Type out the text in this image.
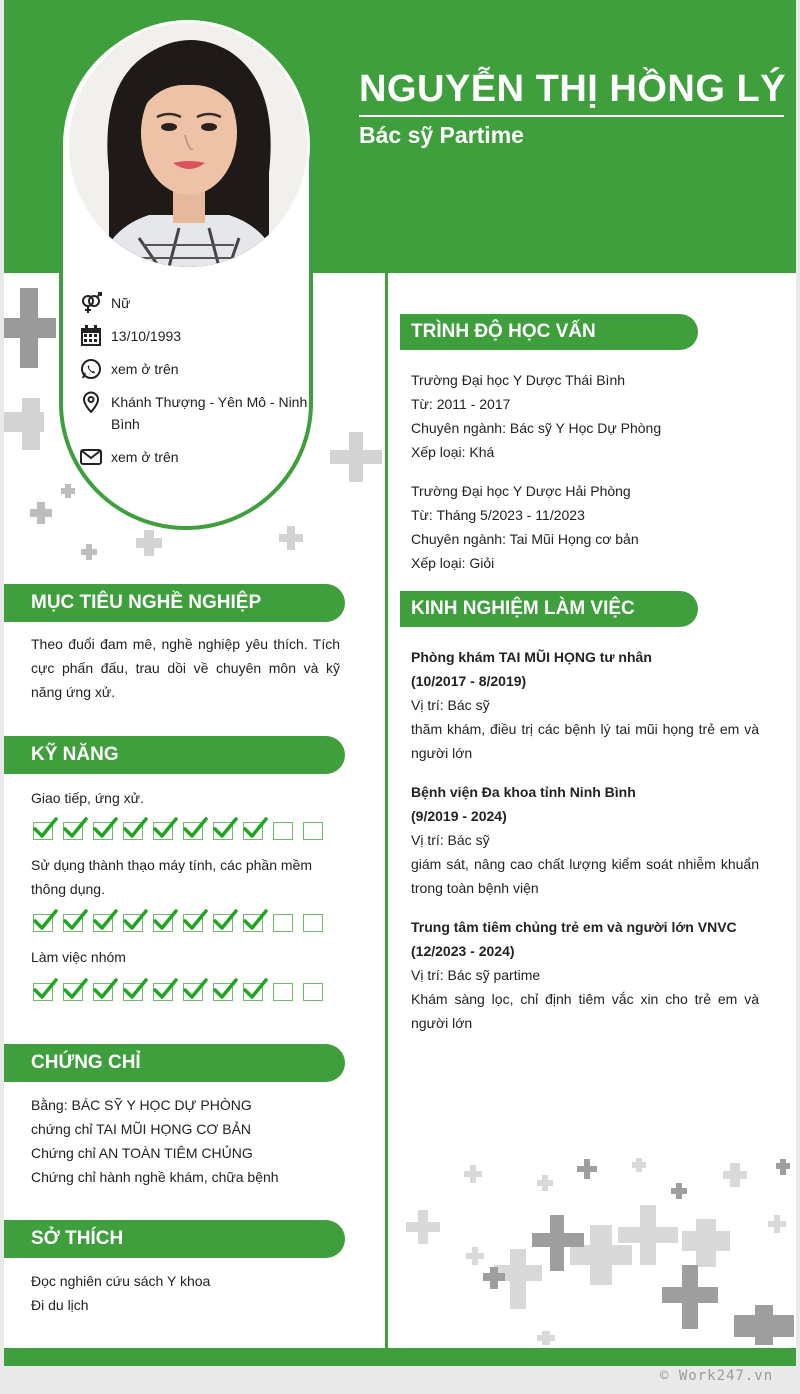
NGUYỄN THỊ HỒNG LÝ
Bác sỹ Partime
Nữ
13/10/1993
xem ở trên
Khánh Thượng - Yên Mô - Ninh Bình
xem ở trên
MỤC TIÊU NGHỀ NGHIỆP
Theo đuổi đam mê, nghề nghiệp yêu thích. Tích cực phấn đấu, trau dồi về chuyên môn và kỹ năng ứng xử.
KỸ NĂNG
Giao tiếp, ứng xử.
Sử dụng thành thạo máy tính, các phần mềm thông dụng.
Làm việc nhóm
CHỨNG CHỈ
Bằng: BÁC SỸ Y HỌC DỰ PHÒNG
chứng chỉ TAI MŨI HỌNG CƠ BẢN
Chứng chỉ AN TOÀN TIÊM CHỦNG
Chứng chỉ hành nghề khám, chữa bệnh
SỞ THÍCH
Đọc nghiên cứu sách Y khoa
Đi du lịch
TRÌNH ĐỘ HỌC VẤN
Trường Đại học Y Dược Thái Bình
Từ: 2011 - 2017
Chuyên ngành: Bác sỹ Y Học Dự Phòng
Xếp loại: Khá
Trường Đại học Y Dược Hải Phòng
Từ: Tháng 5/2023 - 11/2023
Chuyên ngành: Tai Mũi Họng cơ bản
Xếp loại: Giỏi
KINH NGHIỆM LÀM VIỆC
Phòng khám TAI MŨI HỌNG tư nhân
(10/2017 - 8/2019)
Vị trí: Bác sỹ
thăm khám, điều trị các bệnh lý tai mũi họng trẻ em và người lớn
Bệnh viện Đa khoa tỉnh Ninh Bình
(9/2019 - 2024)
Vị trí: Bác sỹ
giám sát, nâng cao chất lượng kiểm soát nhiễm khuẩn trong toàn bệnh viện
Trung tâm tiêm chủng trẻ em và người lớn VNVC
(12/2023 - 2024)
Vị trí: Bác sỹ partime
Khám sàng lọc, chỉ định tiêm vắc xin cho trẻ em và người lớn
© Work247.vn
